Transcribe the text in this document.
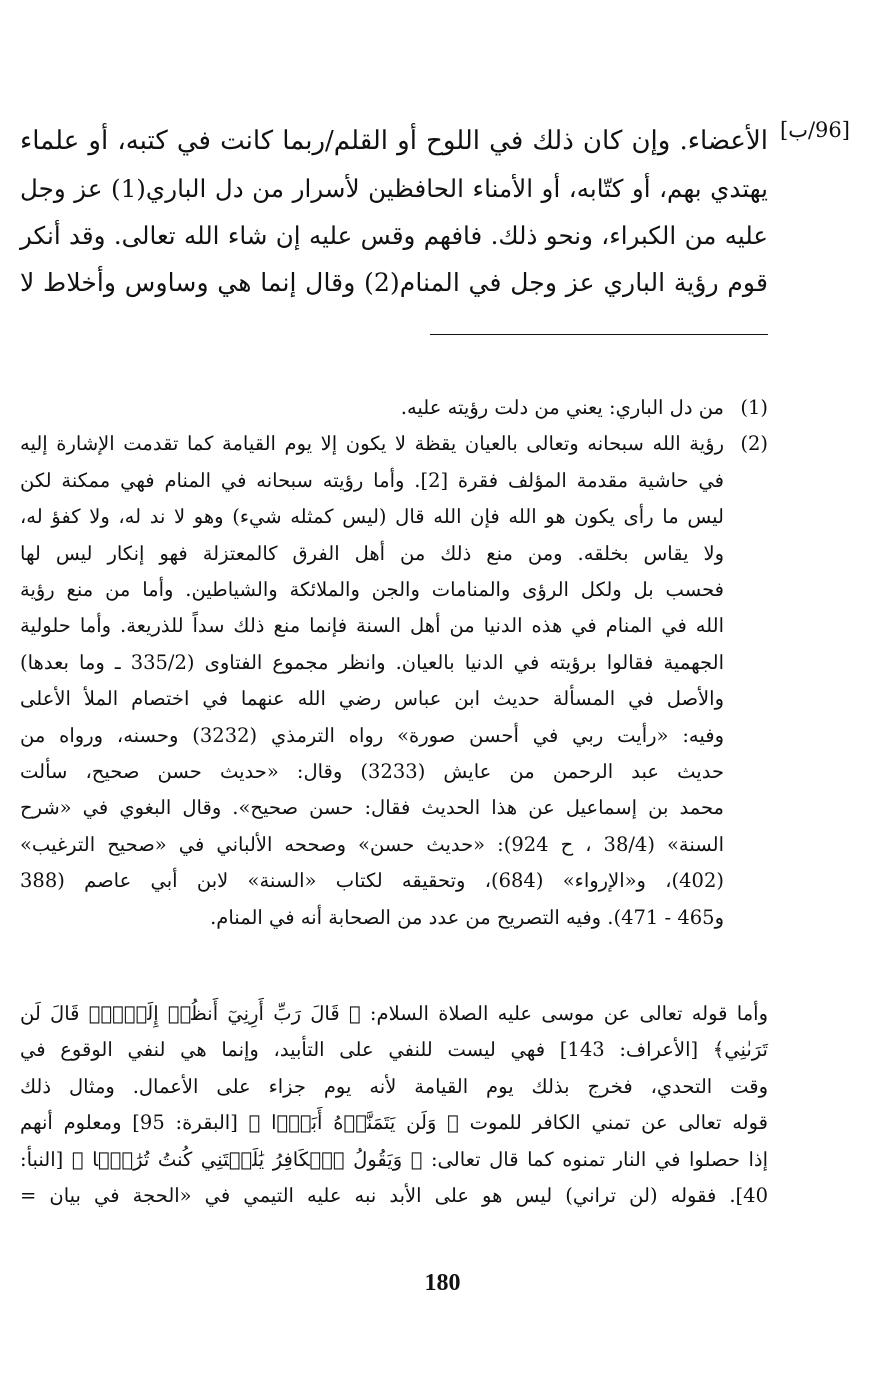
[96/ب]
الأعضاء. وإن كان ذلك في اللوح أو القلم/ربما كانت في كتبه، أو علماء
يهتدي بهم، أو كتّابه، أو الأمناء الحافظين لأسرار من دل الباري(1) عز وجل
عليه من الكبراء، ونحو ذلك. فافهم وقس عليه إن شاء الله تعالى. وقد أنكر
قوم رؤية الباري عز وجل في المنام(2) وقال إنما هي وساوس وأخلاط لا
(1)
من دل الباري: يعني من دلت رؤيته عليه.
(2)
رؤية الله سبحانه وتعالى بالعيان يقظة لا يكون إلا يوم القيامة كما تقدمت الإشارة إليه
في حاشية مقدمة المؤلف فقرة [2]. وأما رؤيته سبحانه في المنام فهي ممكنة لكن
ليس ما رأى يكون هو الله فإن الله قال (ليس كمثله شيء) وهو لا ند له، ولا كفؤ له،
ولا يقاس بخلقه. ومن منع ذلك من أهل الفرق كالمعتزلة فهو إنكار ليس لها
فحسب بل ولكل الرؤى والمنامات والجن والملائكة والشياطين. وأما من منع رؤية
الله في المنام في هذه الدنيا من أهل السنة فإنما منع ذلك سداً للذريعة. وأما حلولية
الجهمية فقالوا برؤيته في الدنيا بالعيان. وانظر مجموع الفتاوى (335/2 ـ وما بعدها)
والأصل في المسألة حديث ابن عباس رضي الله عنهما في اختصام الملأ الأعلى
وفيه: «رأيت ربي في أحسن صورة» رواه الترمذي (3232) وحسنه، ورواه من
حديث عبد الرحمن من عايش (3233) وقال: «حديث حسن صحيح، سألت
محمد بن إسماعيل عن هذا الحديث فقال: حسن صحيح». وقال البغوي في «شرح
السنة» (38/4 ، ح 924): «حديث حسن» وصححه الألباني في «صحيح الترغيب»
(402)، و«الإرواء» (684)، وتحقيقه لكتاب «السنة» لابن أبي عاصم (388
و465 - 471). وفيه التصريح من عدد من الصحابة أنه في المنام.
وأما قوله تعالى عن موسى عليه الصلاة السلام: ﴿ قَالَ رَبِّ أَرِنِيٓ أَنظُرۡ إِلَيۡكَۚ قَالَ لَن
تَرَىٰنِي﴾ [الأعراف: 143] فهي ليست للنفي على التأبيد، وإنما هي لنفي الوقوع في
وقت التحدي، فخرج بذلك يوم القيامة لأنه يوم جزاء على الأعمال. ومثال ذلك
قوله تعالى عن تمني الكافر للموت ﴿ وَلَن يَتَمَنَّوۡهُ أَبَدَۢا ﴾ [البقرة: 95] ومعلوم أنهم
إذا حصلوا في النار تمنوه كما قال تعالى: ﴿ وَيَقُولُ ٱلۡكَافِرُ يَٰلَيۡتَنِي كُنتُ تُرَٰبَۢا ﴾ [النبأ:
40]. فقوله (لن تراني) ليس هو على الأبد نبه عليه التيمي في «الحجة في بيان =
180
